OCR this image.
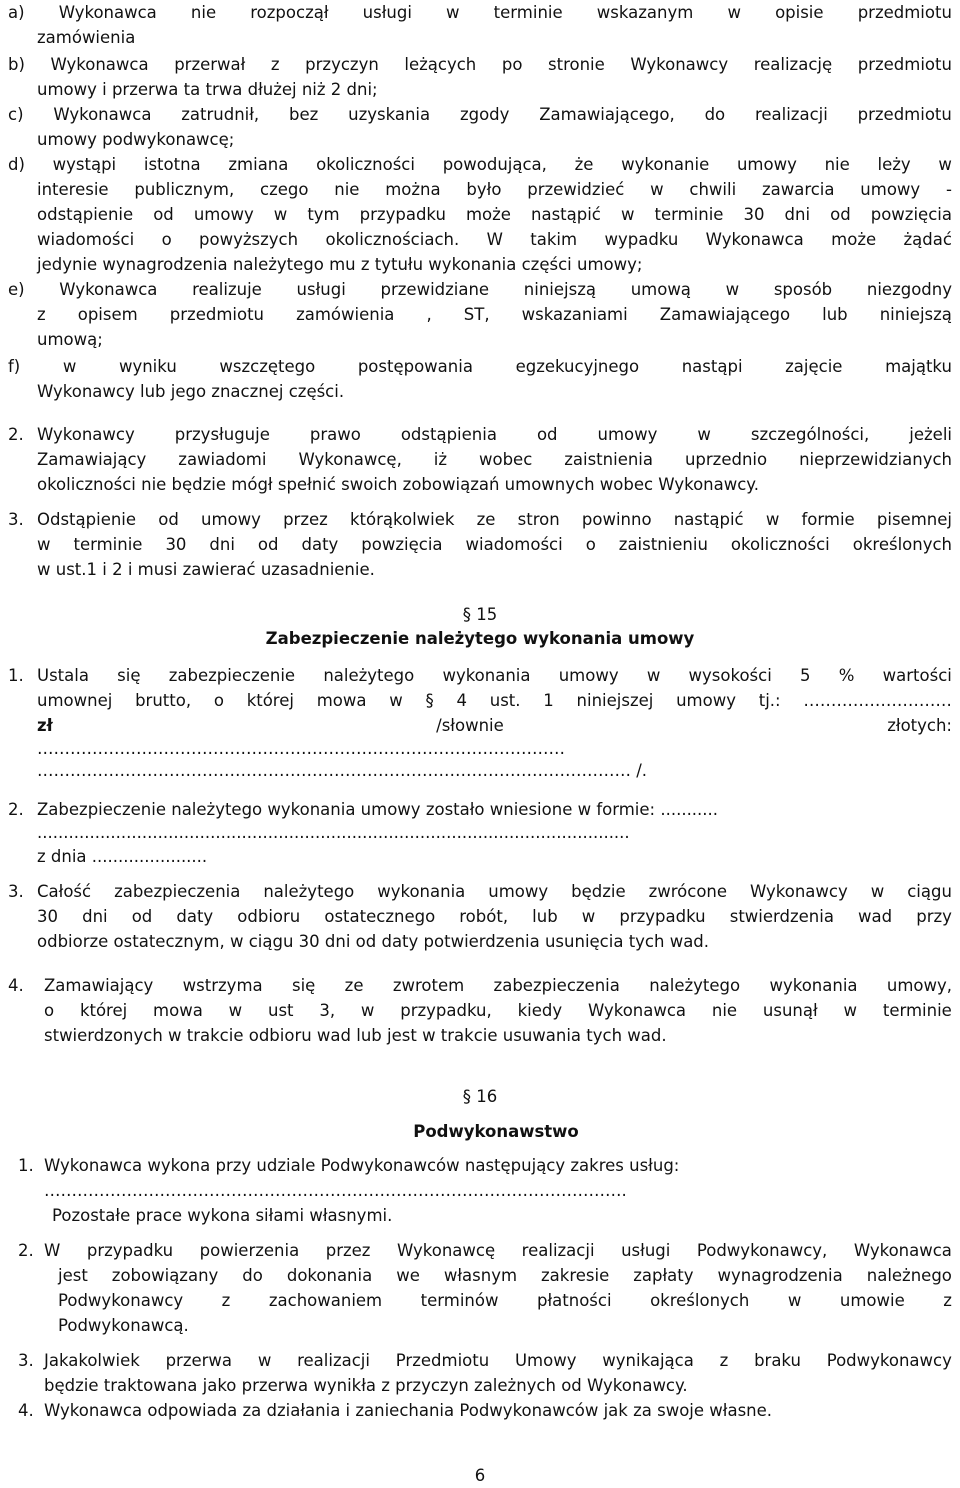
a) Wykonawca nie rozpoczął usługi w terminie wskazanym w opisie przedmiotu
zamówienia
b) Wykonawca przerwał z przyczyn leżących po stronie Wykonawcy realizację przedmiotu
umowy i przerwa ta trwa dłużej niż 2 dni;
c) Wykonawca zatrudnił, bez uzyskania zgody Zamawiającego, do realizacji przedmiotu
umowy podwykonawcę;
d) wystąpi istotna zmiana okoliczności powodująca, że wykonanie umowy nie leży w
interesie publicznym, czego nie można było przewidzieć w chwili zawarcia umowy -
odstąpienie od umowy w tym przypadku może nastąpić w terminie 30 dni od powzięcia
wiadomości o powyższych okolicznościach. W takim wypadku Wykonawca może żądać
jedynie wynagrodzenia należytego mu z tytułu wykonania części umowy;
e) Wykonawca realizuje usługi przewidziane niniejszą umową w sposób niezgodny
z opisem przedmiotu zamówienia , ST, wskazaniami Zamawiającego lub niniejszą
umową;
f)	w	wyniku	wszczętego	postępowania	egzekucyjnego	nastąpi	zajęcie	majątku
Wykonawcy lub jego znacznej części.
2. Wykonawcy przysługuje prawo odstąpienia od umowy w szczególności, jeżeli
Zamawiający zawiadomi Wykonawcę, iż wobec zaistnienia uprzednio nieprzewidzianych
okoliczności nie będzie mógł spełnić swoich zobowiązań umownych wobec Wykonawcy.
3. Odstąpienie od umowy przez którąkolwiek ze stron powinno nastąpić w formie pisemnej
w terminie 30 dni od daty powzięcia wiadomości o zaistnieniu okoliczności określonych
w ust.1 i 2 i musi zawierać uzasadnienie.
§ 15
Zabezpieczenie należytego wykonania umowy
1. Ustala się zabezpieczenie należytego wykonania umowy w wysokości 5 % wartości
umownej brutto, o której mowa w § 4 ust. 1 niniejszej umowy tj.: ………………………
zł	/słownie	złotych:
……………………………………………………………………………………
……………………………………………………………………………………………… /.
2. Zabezpieczenie należytego wykonania umowy zostało wniesione w formie: ...........
.................................................................................................................
z dnia ......................
3. Całość zabezpieczenia należytego wykonania umowy będzie zwrócone Wykonawcy w ciągu
30 dni od daty odbioru ostatecznego robót, lub w przypadku stwierdzenia wad przy
odbiorze ostatecznym, w ciągu 30 dni od daty potwierdzenia usunięcia tych wad.
4. Zamawiający wstrzyma się ze zwrotem zabezpieczenia należytego wykonania umowy,
o której mowa w ust 3, w przypadku, kiedy Wykonawca nie usunął w terminie
stwierdzonych w trakcie odbioru wad lub jest w trakcie usuwania tych wad.
§ 16
Podwykonawstwo
1. Wykonawca wykona przy udziale Podwykonawców następujący zakres usług:
…………………………………………………………………………………………….
Pozostałe prace wykona siłami własnymi.
2. W przypadku powierzenia przez Wykonawcę realizacji usługi Podwykonawcy, Wykonawca
jest zobowiązany do dokonania we własnym zakresie zapłaty wynagrodzenia należnego
Podwykonawcy z zachowaniem terminów płatności określonych w umowie z
Podwykonawcą.
3. Jakakolwiek przerwa w realizacji Przedmiotu Umowy wynikająca z braku Podwykonawcy
będzie traktowana jako przerwa wynikła z przyczyn zależnych od Wykonawcy.
4. Wykonawca odpowiada za działania i zaniechania Podwykonawców jak za swoje własne.
6
